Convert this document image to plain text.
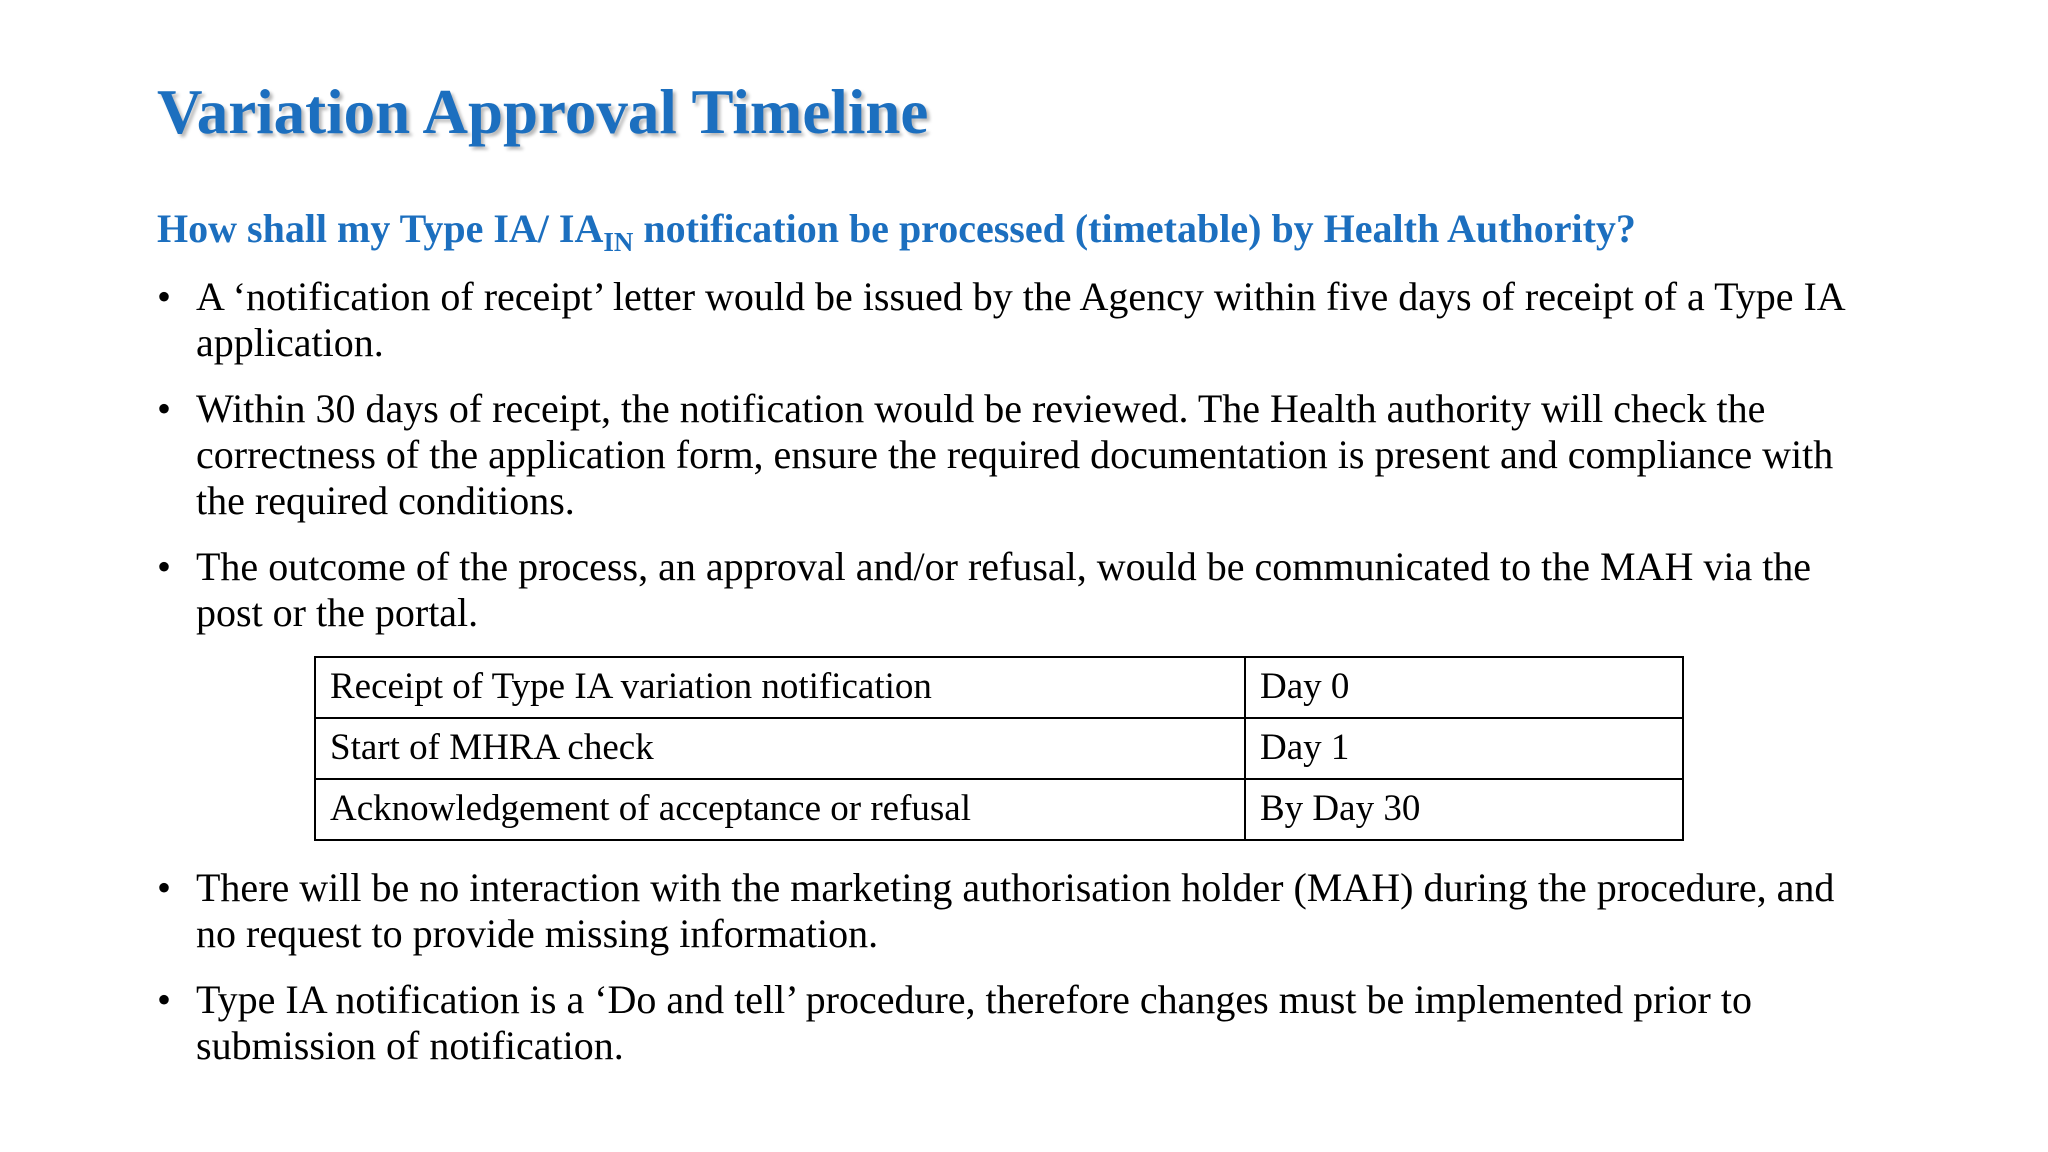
Variation Approval Timeline
How shall my Type IA/ $IA_{IN}$ notification be processed (timetable) by Health Authority?
• A ‘notification of receipt’ letter would be issued by the Agency within five days of receipt of a Type IA application.
• Within 30 days of receipt, the notification would be reviewed. The Health authority will check the correctness of the application form, ensure the required documentation is present and compliance with the required conditions.
• The outcome of the process, an approval and/or refusal, would be communicated to the MAH via the post or the portal.
Receipt of Type IA variation notification	Day 0
Start of MHRA check	Day 1
Acknowledgement of acceptance or refusal	By Day 30
• There will be no interaction with the marketing authorisation holder (MAH) during the procedure, and no request to provide missing information.
• Type IA notification is a ‘Do and tell’ procedure, therefore changes must be implemented prior to submission of notification.
